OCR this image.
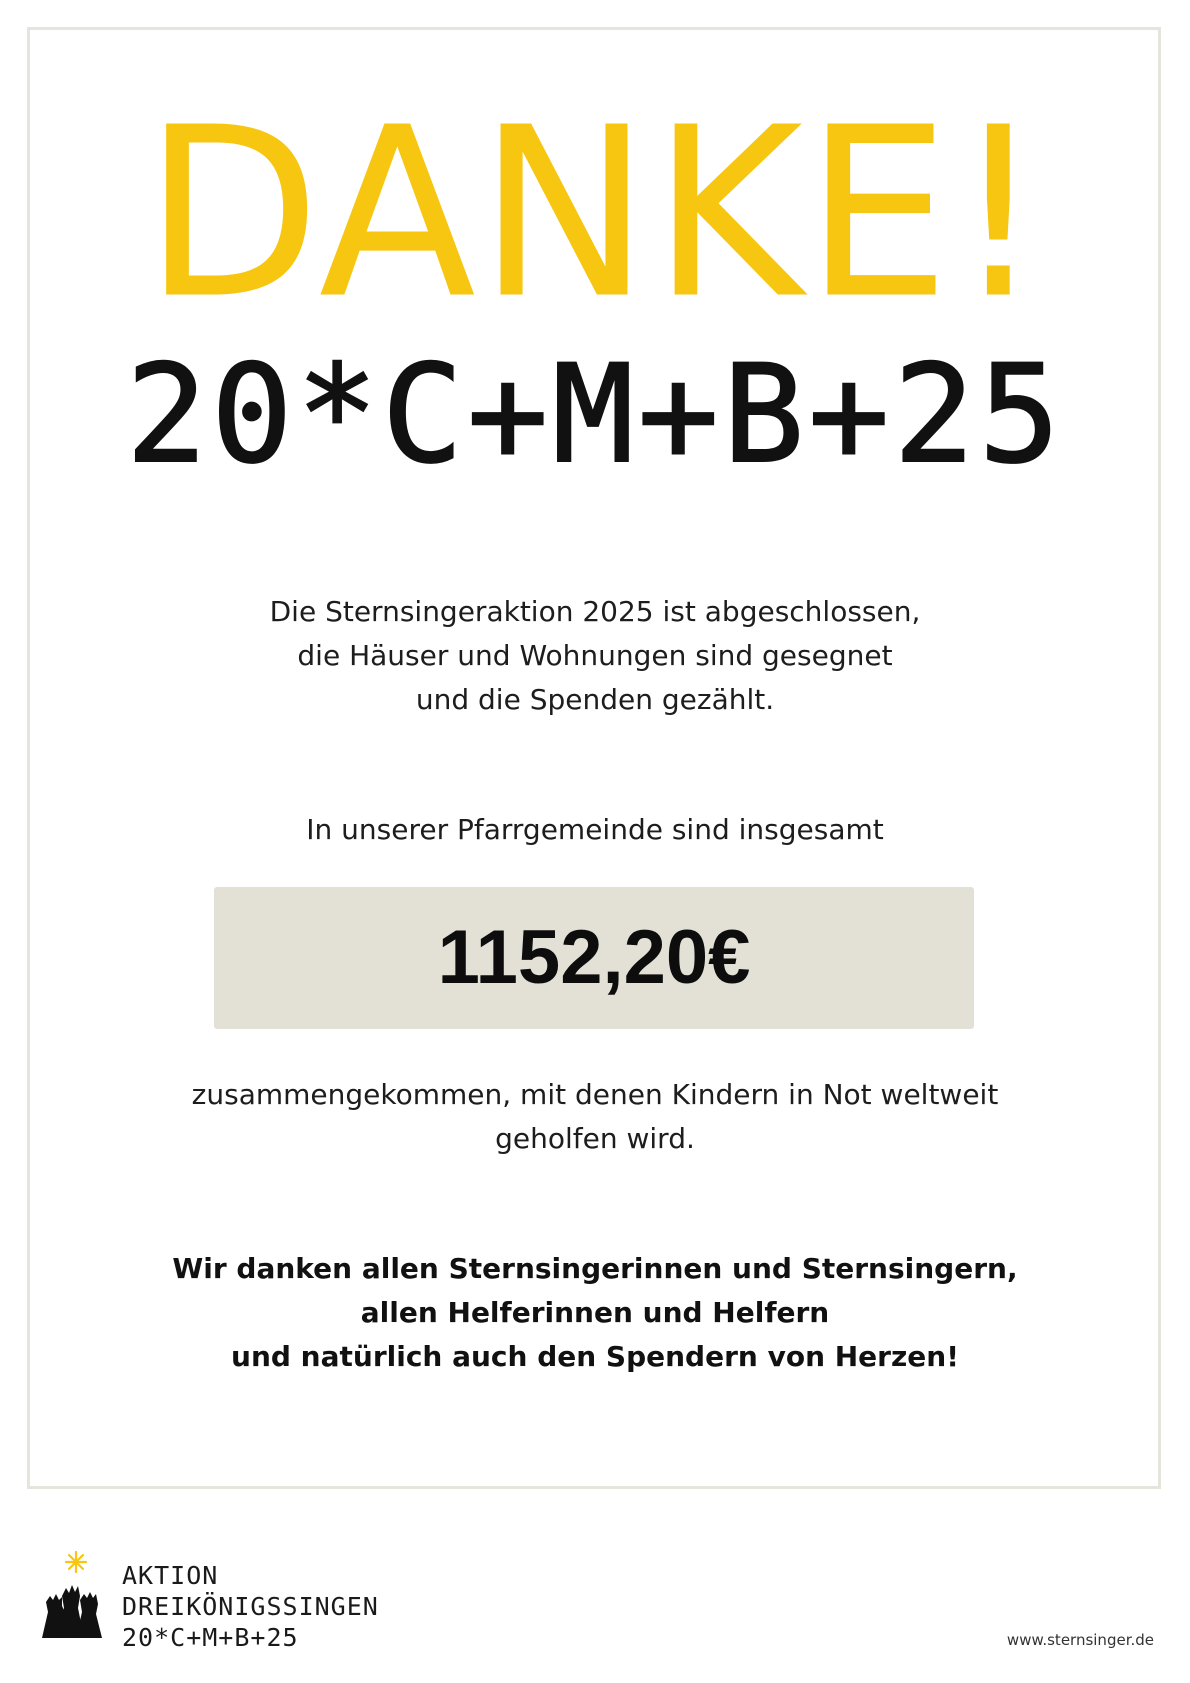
DANKE!
20*C+M+B+25

Die Sternsingeraktion 2025 ist abgeschlossen,
die Häuser und Wohnungen sind gesegnet
und die Spenden gezählt.

In unserer Pfarrgemeinde sind insgesamt

1152,20€

zusammengekommen, mit denen Kindern in Not weltweit
geholfen wird.

Wir danken allen Sternsingerinnen und Sternsingern,
allen Helferinnen und Helfern
und natürlich auch den Spendern von Herzen!

AKTION
DREIKÖNIGSSINGEN
20*C+M+B+25	www.sternsinger.de
